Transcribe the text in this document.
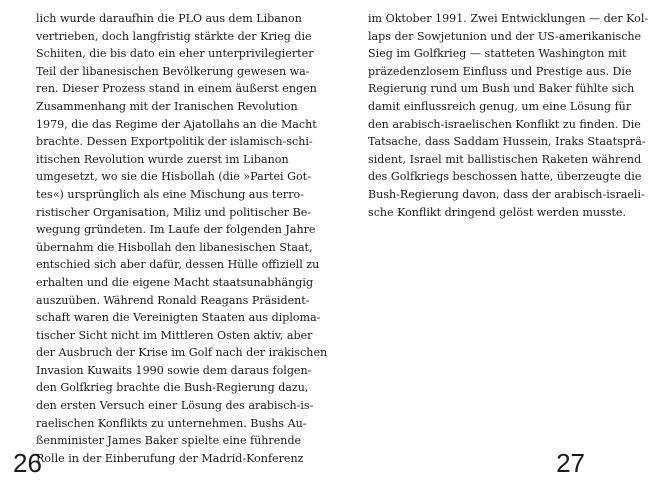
lich wurde daraufhin die PLO aus dem Libanon
vertrieben, doch langfristig stärkte der Krieg die
Schiiten, die bis dato ein eher unterprivilegierter
Teil der libanesischen Bevölkerung gewesen wa-
ren. Dieser Prozess stand in einem äußerst engen
Zusammenhang mit der Iranischen Revolution
1979, die das Regime der Ajatollahs an die Macht
brachte. Dessen Exportpolitik der islamisch-schi-
itischen Revolution wurde zuerst im Libanon
umgesetzt, wo sie die Hisbollah (die »Partei Got-
tes«) ursprünglich als eine Mischung aus terro-
ristischer Organisation, Miliz und politischer Be-
wegung gründeten. Im Laufe der folgenden Jahre
übernahm die Hisbollah den libanesischen Staat,
entschied sich aber dafür, dessen Hülle offiziell zu
erhalten und die eigene Macht staatsunabhängig
auszuüben. Während Ronald Reagans Präsident-
schaft waren die Vereinigten Staaten aus diploma-
tischer Sicht nicht im Mittleren Osten aktiv, aber
der Ausbruch der Krise im Golf nach der irakischen
Invasion Kuwaits 1990 sowie dem daraus folgen-
den Golfkrieg brachte die Bush-Regierung dazu,
den ersten Versuch einer Lösung des arabisch-is-
raelischen Konflikts zu unternehmen. Bushs Au-
ßenminister James Baker spielte eine führende
Rolle in der Einberufung der Madrid-Konferenz
im Oktober 1991. Zwei Entwicklungen — der Kol-
laps der Sowjetunion und der US-amerikanische
Sieg im Golfkrieg — statteten Washington mit
präzedenzlosem Einfluss und Prestige aus. Die
Regierung rund um Bush und Baker fühlte sich
damit einflussreich genug, um eine Lösung für
den arabisch-israelischen Konflikt zu finden. Die
Tatsache, dass Saddam Hussein, Iraks Staatsprä-
sident, Israel mit ballistischen Raketen während
des Golfkriegs beschossen hatte, überzeugte die
Bush-Regierung davon, dass der arabisch-israeli-
sche Konflikt dringend gelöst werden musste.
26	27
